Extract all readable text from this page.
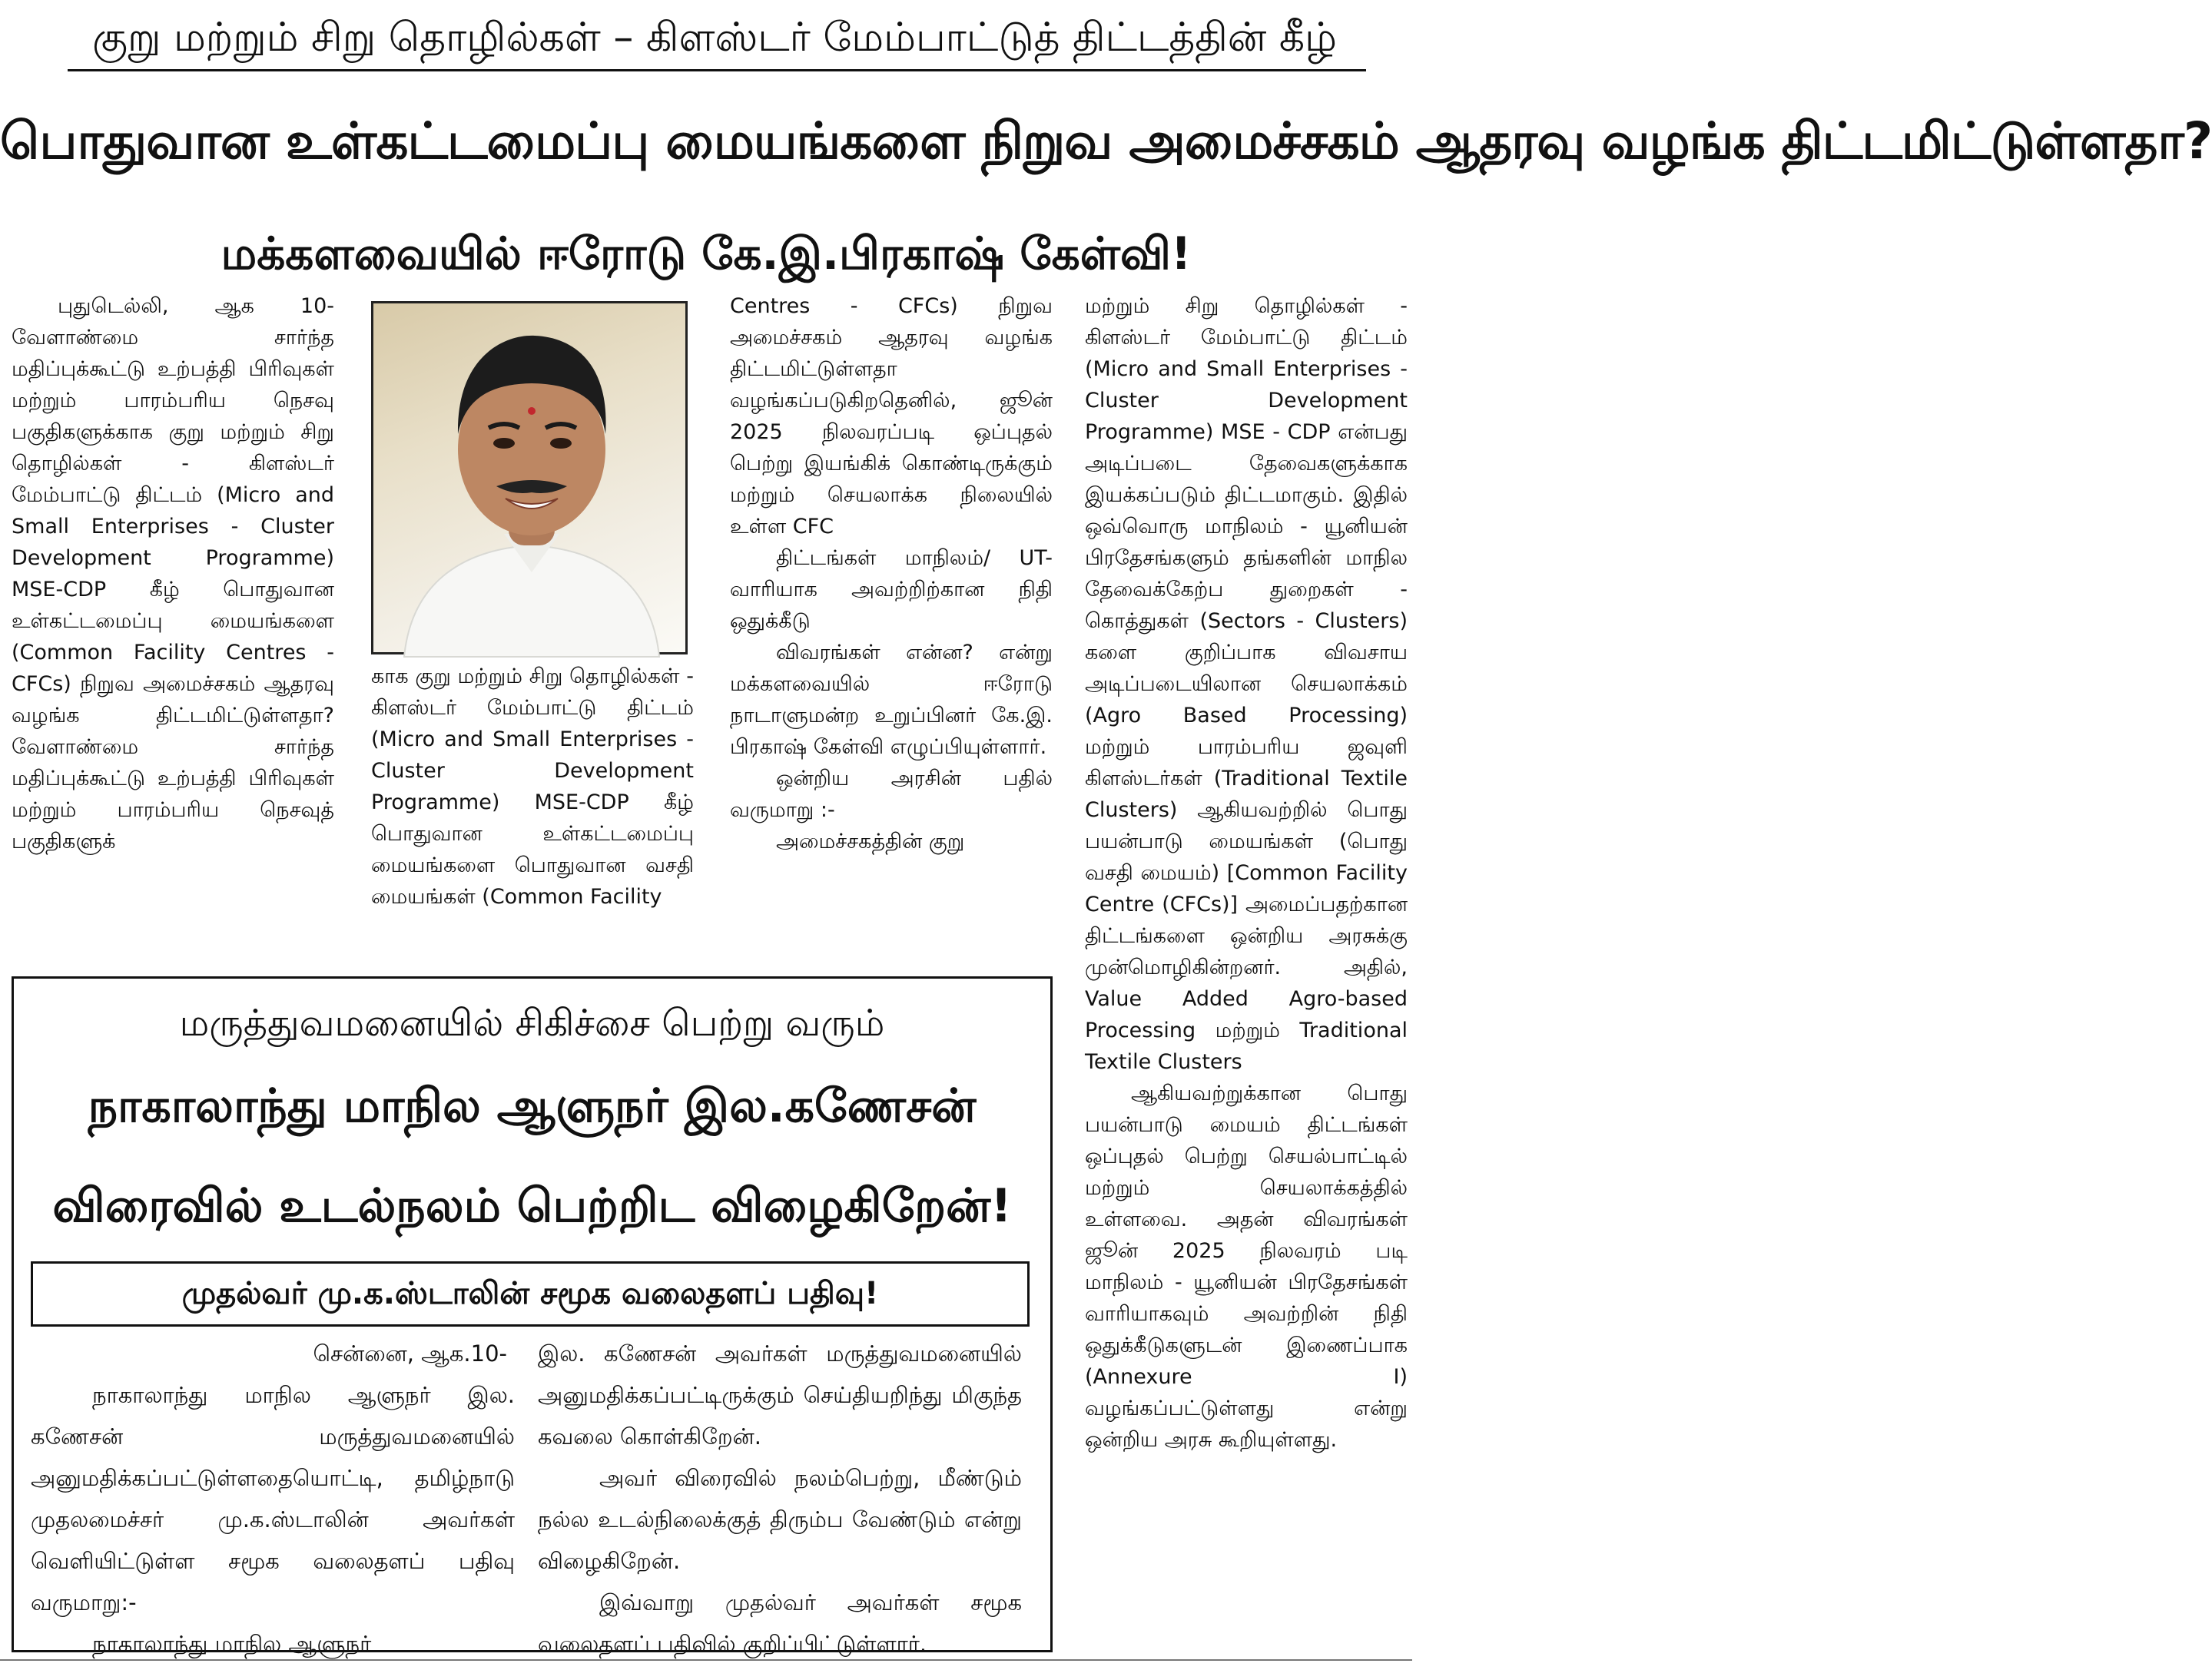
குறு மற்றும் சிறு தொழில்கள் – கிளஸ்டர் மேம்பாட்டுத் திட்டத்தின் கீழ்
பொதுவான உள்கட்டமைப்பு மையங்களை நிறுவ அமைச்சகம் ஆதரவு வழங்க திட்டமிட்டுள்ளதா?
மக்களவையில் ஈரோடு கே.இ.பிரகாஷ் கேள்வி!

புதுடெல்லி, ஆக 10- வேளாண்மை சார்ந்த மதிப்புக்கூட்டு உற்பத்தி பிரிவுகள் மற்றும் பாரம்பரிய நெசவு பகுதிகளுக்காக குறு மற்றும் சிறு தொழில்கள் - கிளஸ்டர் மேம்பாட்டு திட்டம் (Micro and Small Enterprises - Cluster Development Programme) MSE-CDP கீழ் பொதுவான உள்கட்டமைப்பு மையங்களை (Common Facility Centres - CFCs) நிறுவ அமைச்சகம் ஆதரவு வழங்க திட்டமிட்டுள்ளதா? வேளாண்மை சார்ந்த மதிப்புக்கூட்டு உற்பத்தி பிரிவுகள் மற்றும் பாரம்பரிய நெசவுத் பகுதிகளுக்

காக குறு மற்றும் சிறு தொழில்கள் - கிளஸ்டர் மேம்பாட்டு திட்டம் (Micro and Small Enterprises - Cluster Development Programme) MSE-CDP கீழ் பொதுவான உள்கட்டமைப்பு மையங்களை பொதுவான வசதி மையங்கள் (Common Facility

Centres - CFCs) நிறுவ அமைச்சகம் ஆதரவு வழங்க திட்டமிட்டுள்ளதா வழங்கப்படுகிறதெனில், ஜூன் 2025 நிலவரப்படி ஒப்புதல் பெற்று இயங்கிக் கொண்டிருக்கும் மற்றும் செயலாக்க நிலையில் உள்ள CFC

திட்டங்கள் மாநிலம்/ UT- வாரியாக அவற்றிற்கான நிதி ஒதுக்கீடு

விவரங்கள் என்ன? என்று மக்களவையில் ஈரோடு நாடாளுமன்ற உறுப்பினர் கே.இ. பிரகாஷ் கேள்வி எழுப்பியுள்ளார்.

ஒன்றிய அரசின் பதில் வருமாறு :-

அமைச்சகத்தின் குறு

மற்றும் சிறு தொழில்கள் - கிளஸ்டர் மேம்பாட்டு திட்டம் (Micro and Small Enterprises - Cluster Development Programme) MSE - CDP என்பது அடிப்படை தேவைகளுக்காக இயக்கப்படும் திட்டமாகும். இதில் ஒவ்வொரு மாநிலம் - யூனியன் பிரதேசங்களும் தங்களின் மாநில தேவைக்கேற்ப துறைகள் - கொத்துகள் (Sectors - Clusters) களை குறிப்பாக விவசாய அடிப்படையிலான செயலாக்கம் (Agro Based Processing) மற்றும் பாரம்பரிய ஜவுளி கிளஸ்டர்கள் (Traditional Textile Clusters) ஆகியவற்றில் பொது பயன்பாடு மையங்கள் (பொது வசதி மையம்) [Common Facility Centre (CFCs)] அமைப்பதற்கான திட்டங்களை ஒன்றிய அரசுக்கு முன்மொழிகின்றனர். அதில், Value Added Agro-based Processing மற்றும் Traditional Textile Clusters

ஆகியவற்றுக்கான பொது பயன்பாடு மையம் திட்டங்கள் ஒப்புதல் பெற்று செயல்பாட்டில் மற்றும் செயலாக்கத்தில் உள்ளவை. அதன் விவரங்கள் ஜூன் 2025 நிலவரம் படி மாநிலம் - யூனியன் பிரதேசங்கள் வாரியாகவும் அவற்றின் நிதி ஒதுக்கீடுகளுடன் இணைப்பாக (Annexure I) வழங்கப்பட்டுள்ளது என்று ஒன்றிய அரசு கூறியுள்ளது.

மருத்துவமனையில் சிகிச்சை பெற்று வரும்
நாகாலாந்து மாநில ஆளுநர் இல.கணேசன்
விரைவில் உடல்நலம் பெற்றிட விழைகிறேன்!
முதல்வர் மு.க.ஸ்டாலின் சமூக வலைதளப் பதிவு!

சென்னை, ஆக.10-

நாகாலாந்து மாநில ஆளுநர் இல. கணேசன் மருத்துவமனையில் அனுமதிக்கப்பட்டுள்ளதையொட்டி, தமிழ்நாடு முதலமைச்சர் மு.க.ஸ்டாலின் அவர்கள் வெளியிட்டுள்ள சமூக வலைதளப் பதிவு வருமாறு:-

நாகாலாந்து மாநில ஆளுநர்

இல. கணேசன் அவர்கள் மருத்துவமனையில் அனுமதிக்கப்பட்டிருக்கும் செய்தியறிந்து மிகுந்த கவலை கொள்கிறேன்.

அவர் விரைவில் நலம்பெற்று, மீண்டும் நல்ல உடல்நிலைக்குத் திரும்ப வேண்டும் என்று விழைகிறேன்.

இவ்வாறு முதல்வர் அவர்கள் சமூக வலைதளப் பதிவில் குறிப்பிட்டுள்ளார்.
